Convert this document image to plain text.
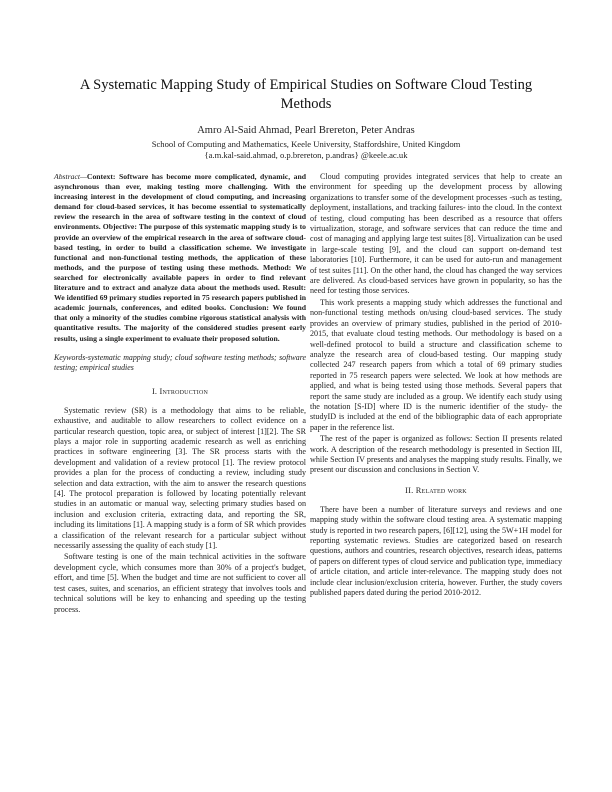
A Systematic Mapping Study of Empirical Studies on Software Cloud Testing Methods
Amro Al-Said Ahmad, Pearl Brereton, Peter Andras
School of Computing and Mathematics, Keele University, Staffordshire, United Kingdom
{a.m.kal-said.ahmad, o.p.brereton, p.andras} @keele.ac.uk

Abstract—Context: Software has become more complicated, dynamic, and asynchronous than ever, making testing more challenging. With the increasing interest in the development of cloud computing, and increasing demand for cloud-based services, it has become essential to systematically review the research in the area of software testing in the context of cloud environments. Objective: The purpose of this systematic mapping study is to provide an overview of the empirical research in the area of software cloud-based testing, in order to build a classification scheme. We investigate functional and non-functional testing methods, the application of these methods, and the purpose of testing using these methods. Method: We searched for electronically available papers in order to find relevant literature and to extract and analyze data about the methods used. Result: We identified 69 primary studies reported in 75 research papers published in academic journals, conferences, and edited books. Conclusion: We found that only a minority of the studies combine rigorous statistical analysis with quantitative results. The majority of the considered studies present early results, using a single experiment to evaluate their proposed solution.

Keywords-systematic mapping study; cloud software testing methods; software testing; empirical studies

I. Introduction

Systematic review (SR) is a methodology that aims to be reliable, exhaustive, and auditable to allow researchers to collect evidence on a particular research question, topic area, or subject of interest [1][2]. The SR plays a major role in supporting academic research as well as enriching practices in software engineering [3]. The SR process starts with the development and validation of a review protocol [1]. The review protocol provides a plan for the process of conducting a review, including study selection and data extraction, with the aim to answer the research questions [4]. The protocol preparation is followed by locating potentially relevant studies in an automatic or manual way, selecting primary studies based on inclusion and exclusion criteria, extracting data, and reporting the SR, including its limitations [1]. A mapping study is a form of SR which provides a classification of the relevant research for a particular subject without necessarily assessing the quality of each study [1].

Software testing is one of the main technical activities in the software development cycle, which consumes more than 30% of a project's budget, effort, and time [5]. When the budget and time are not sufficient to cover all test cases, suites, and scenarios, an efficient strategy that involves tools and technical solutions will be key to enhancing and speeding up the testing process.

Cloud computing provides integrated services that help to create an environment for speeding up the development process by allowing organizations to transfer some of the development processes -such as testing, deployment, installations, and tracking failures- into the cloud. In the context of testing, cloud computing has been described as a resource that offers virtualization, storage, and software services that can reduce the time and cost of managing and applying large test suites [8]. Virtualization can be used in large-scale testing [9], and the cloud can support on-demand test laboratories [10]. Furthermore, it can be used for auto-run and management of test suites [11]. On the other hand, the cloud has changed the way services are delivered. As cloud-based services have grown in popularity, so has the need for testing those services.

This work presents a mapping study which addresses the functional and non-functional testing methods on/using cloud-based services. The study provides an overview of primary studies, published in the period of 2010-2015, that evaluate cloud testing methods. Our methodology is based on a well-defined protocol to build a structure and classification scheme to analyze the research area of cloud-based testing. Our mapping study collected 247 research papers from which a total of 69 primary studies reported in 75 research papers were selected. We look at how methods are applied, and what is being tested using those methods. Several papers that report the same study are included as a group. We identify each study using the notation [S-ID] where ID is the numeric identifier of the study- the studyID is included at the end of the bibliographic data of each appropriate paper in the reference list.

The rest of the paper is organized as follows: Section II presents related work. A description of the research methodology is presented in Section III, while Section IV presents and analyses the mapping study results. Finally, we present our discussion and conclusions in Section V.

II. Related work

There have been a number of literature surveys and reviews and one mapping study within the software cloud testing area. A systematic mapping study is reported in two research papers, [6][12], using the 5W+1H model for reporting systematic reviews. Studies are categorized based on research questions, authors and countries, research objectives, research ideas, patterns of papers on different types of cloud service and publication type, immediacy of article citation, and article inter-relevance. The mapping study does not include clear inclusion/exclusion criteria, however. Further, the study covers published papers dated during the period 2010-2012.
